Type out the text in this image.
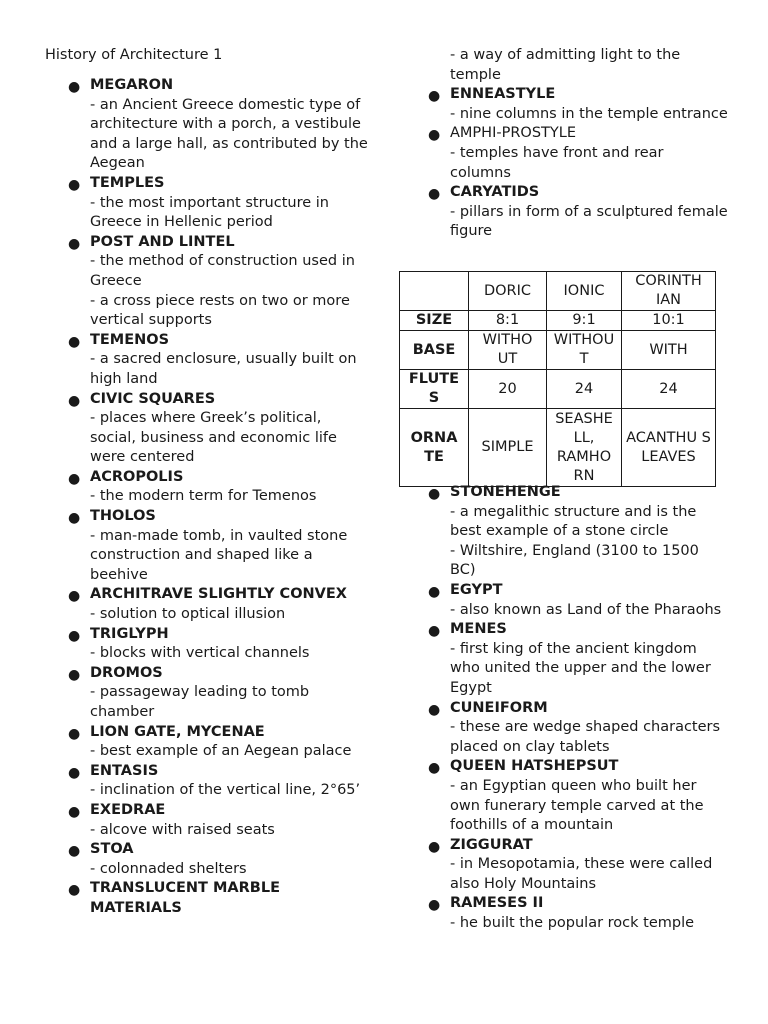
History of Architecture 1
● MEGARON
- an Ancient Greece domestic type of architecture with a porch, a vestibule and a large hall, as contributed by the Aegean
● TEMPLES
- the most important structure in Greece in Hellenic period
● POST AND LINTEL
- the method of construction used in Greece
- a cross piece rests on two or more vertical supports
● TEMENOS
- a sacred enclosure, usually built on high land
● CIVIC SQUARES
- places where Greek’s political, social, business and economic life were centered
● ACROPOLIS
- the modern term for Temenos
● THOLOS
- man-made tomb, in vaulted stone construction and shaped like a beehive
● ARCHITRAVE SLIGHTLY CONVEX
- solution to optical illusion
● TRIGLYPH
- blocks with vertical channels
● DROMOS
- passageway leading to tomb chamber
● LION GATE, MYCENAE
- best example of an Aegean palace
● ENTASIS
- inclination of the vertical line, 2°65’
● EXEDRAE
- alcove with raised seats
● STOA
- colonnaded shelters
● TRANSLUCENT MARBLE MATERIALS
- a way of admitting light to the temple
● ENNEASTYLE
- nine columns in the temple entrance
● AMPHI-PROSTYLE
- temples have front and rear columns
● CARYATIDS
- pillars in form of a sculptured female figure
	DORIC	IONIC	CORINTH IAN
SIZE	8:1	9:1	10:1
BASE	WITHO UT	WITHOU T	WITH
FLUTE S	20	24	24
ORNA TE	SIMPLE	SEASHE LL, RAMHO RN	ACANTHU S LEAVES
● STONEHENGE
- a megalithic structure and is the best example of a stone circle
- Wiltshire, England (3100 to 1500 BC)
● EGYPT
- also known as Land of the Pharaohs
● MENES
- first king of the ancient kingdom who united the upper and the lower Egypt
● CUNEIFORM
- these are wedge shaped characters placed on clay tablets
● QUEEN HATSHEPSUT
- an Egyptian queen who built her own funerary temple carved at the foothills of a mountain
● ZIGGURAT
- in Mesopotamia, these were called also Holy Mountains
● RAMESES II
- he built the popular rock temple
